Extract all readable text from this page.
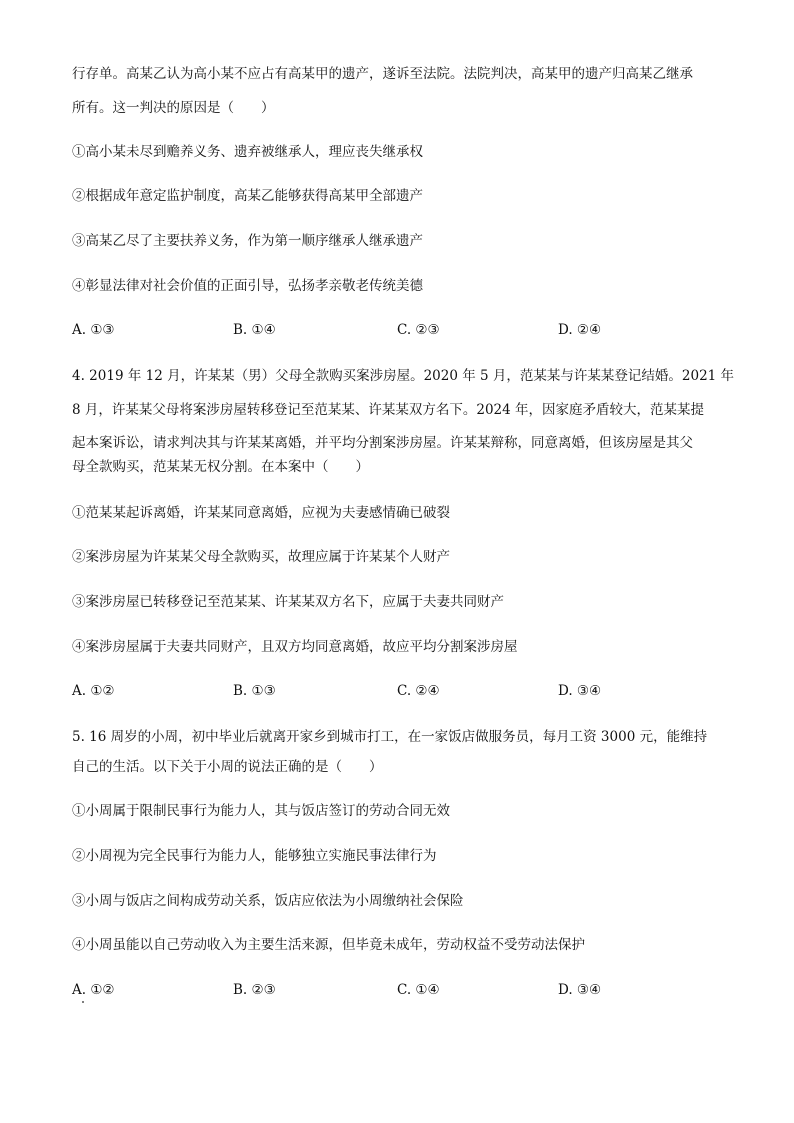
行存单。高某乙认为高小某不应占有高某甲的遗产，遂诉至法院。法院判决，高某甲的遗产归高某乙继承
所有。这一判决的原因是（　　）
①高小某未尽到赡养义务、遗弃被继承人，理应丧失继承权
②根据成年意定监护制度，高某乙能够获得高某甲全部遗产
③高某乙尽了主要扶养义务，作为第一顺序继承人继承遗产
④彰显法律对社会价值的正面引导，弘扬孝亲敬老传统美德
A. ①③	B. ①④	C. ②③	D. ②④
4. 2019 年 12 月，许某某（男）父母全款购买案涉房屋。2020 年 5 月，范某某与许某某登记结婚。2021 年
8 月，许某某父母将案涉房屋转移登记至范某某、许某某双方名下。2024 年，因家庭矛盾较大，范某某提
起本案诉讼，请求判决其与许某某离婚，并平均分割案涉房屋。许某某辩称，同意离婚，但该房屋是其父
母全款购买，范某某无权分割。在本案中（　　）
①范某某起诉离婚，许某某同意离婚，应视为夫妻感情确已破裂
②案涉房屋为许某某父母全款购买，故理应属于许某某个人财产
③案涉房屋已转移登记至范某某、许某某双方名下，应属于夫妻共同财产
④案涉房屋属于夫妻共同财产，且双方均同意离婚，故应平均分割案涉房屋
A. ①②	B. ①③	C. ②④	D. ③④
5. 16 周岁的小周，初中毕业后就离开家乡到城市打工，在一家饭店做服务员，每月工资 3000 元，能维持
自己的生活。以下关于小周的说法正确的是（　　）
①小周属于限制民事行为能力人，其与饭店签订的劳动合同无效
②小周视为完全民事行为能力人，能够独立实施民事法律行为
③小周与饭店之间构成劳动关系，饭店应依法为小周缴纳社会保险
④小周虽能以自己劳动收入为主要生活来源，但毕竟未成年，劳动权益不受劳动法保护
A. ①②	B. ②③	C. ①④	D. ③④
